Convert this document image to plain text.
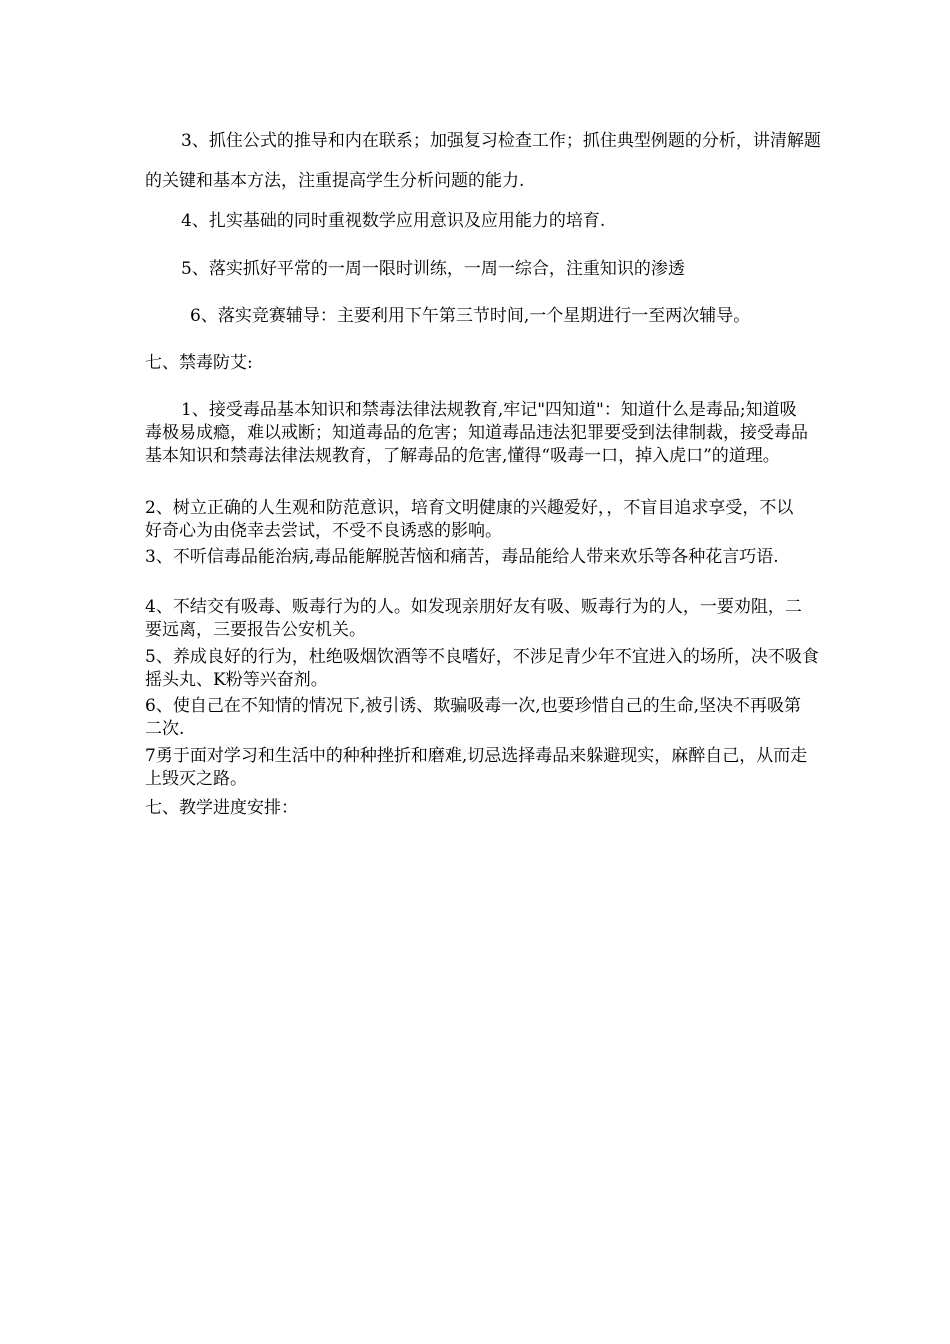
3、抓住公式的推导和内在联系；加强复习检查工作；抓住典型例题的分析，讲清解题的关键和基本方法，注重提高学生分析问题的能力.
4、扎实基础的同时重视数学应用意识及应用能力的培育.
5、落实抓好平常的一周一限时训练，一周一综合，注重知识的渗透
6、落实竞赛辅导：主要利用下午第三节时间,一个星期进行一至两次辅导。
七、禁毒防艾:
1、接受毒品基本知识和禁毒法律法规教育,牢记"四知道"：知道什么是毒品;知道吸毒极易成瘾，难以戒断；知道毒品的危害；知道毒品违法犯罪要受到法律制裁，接受毒品基本知识和禁毒法律法规教育，了解毒品的危害,懂得“吸毒一口，掉入虎口”的道理。
2、树立正确的人生观和防范意识，培育文明健康的兴趣爱好，，不盲目追求享受，不以好奇心为由侥幸去尝试，不受不良诱惑的影响。
3、不听信毒品能治病,毒品能解脱苦恼和痛苦，毒品能给人带来欢乐等各种花言巧语.
4、不结交有吸毒、贩毒行为的人。如发现亲朋好友有吸、贩毒行为的人，一要劝阻，二要远离，三要报告公安机关。
5、养成良好的行为，杜绝吸烟饮酒等不良嗜好，不涉足青少年不宜进入的场所，决不吸食摇头丸、K粉等兴奋剂。
6、使自己在不知情的情况下,被引诱、欺骗吸毒一次,也要珍惜自己的生命,坚决不再吸第二次.
7勇于面对学习和生活中的种种挫折和磨难,切忌选择毒品来躲避现实，麻醉自己，从而走上毁灭之路。
七、教学进度安排：
